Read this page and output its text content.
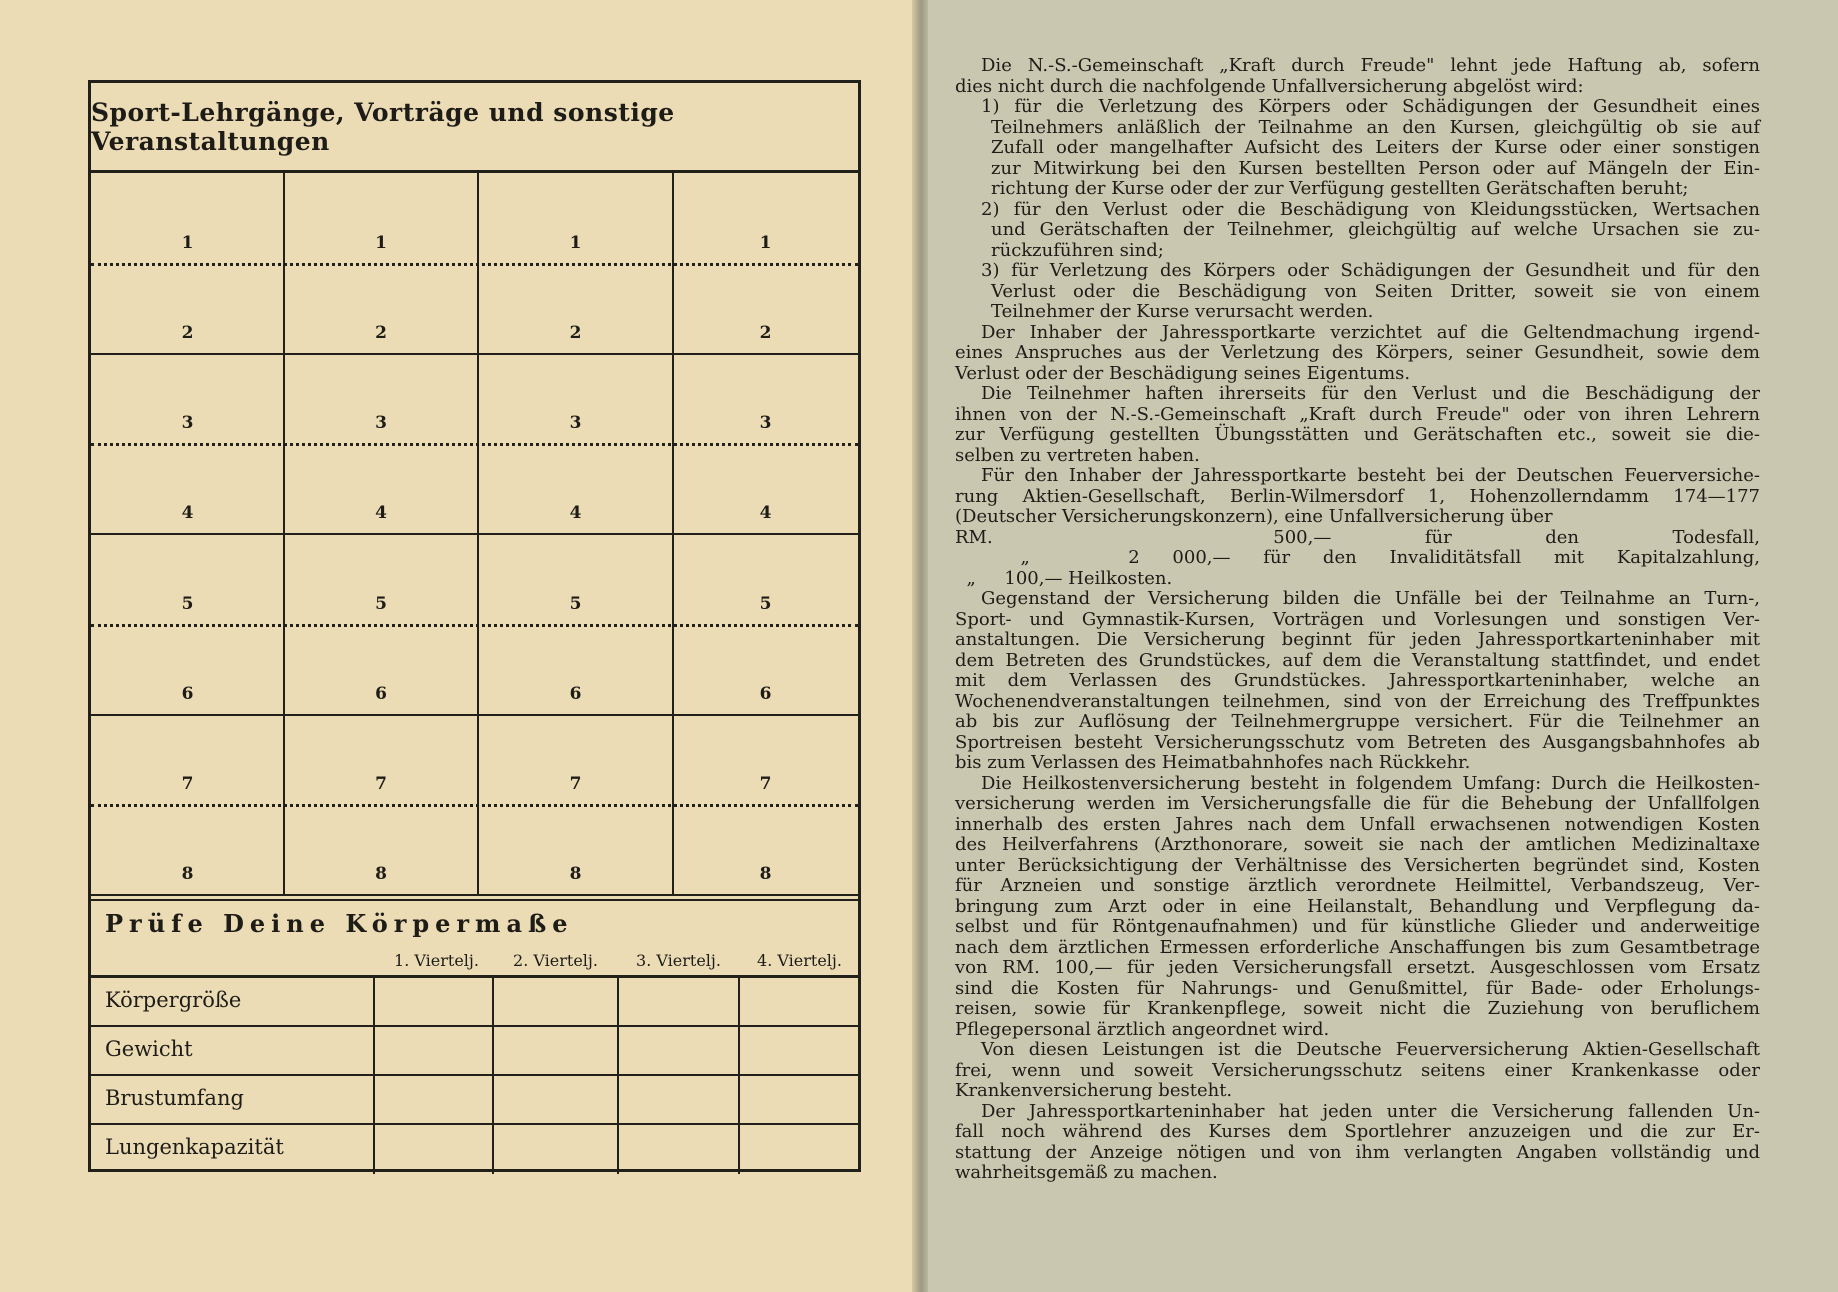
Sport-Lehrgänge, Vorträge und sonstige Veranstaltungen
1	1	1	1
2	2	2	2
3	3	3	3
4	4	4	4
5	5	5	5
6	6	6	6
7	7	7	7
8	8	8	8
Prüfe Deine Körpermaße
1. Viertelj.	2. Viertelj.	3. Viertelj.	4. Viertelj.
Körpergröße
Gewicht
Brustumfang
Lungenkapazität
Die N.-S.-Gemeinschaft „Kraft durch Freude" lehnt jede Haftung ab, sofern
dies nicht durch die nachfolgende Unfallversicherung abgelöst wird:
1) für die Verletzung des Körpers oder Schädigungen der Gesundheit eines
Teilnehmers anläßlich der Teilnahme an den Kursen, gleichgültig ob sie auf
Zufall oder mangelhafter Aufsicht des Leiters der Kurse oder einer sonstigen
zur Mitwirkung bei den Kursen bestellten Person oder auf Mängeln der Ein-
richtung der Kurse oder der zur Verfügung gestellten Gerätschaften beruht;
2) für den Verlust oder die Beschädigung von Kleidungsstücken, Wertsachen
und Gerätschaften der Teilnehmer, gleichgültig auf welche Ursachen sie zu-
rückzuführen sind;
3) für Verletzung des Körpers oder Schädigungen der Gesundheit und für den
Verlust oder die Beschädigung von Seiten Dritter, soweit sie von einem
Teilnehmer der Kurse verursacht werden.
Der Inhaber der Jahressportkarte verzichtet auf die Geltendmachung irgend-
eines Anspruches aus der Verletzung des Körpers, seiner Gesundheit, sowie dem
Verlust oder der Beschädigung seines Eigentums.
Die Teilnehmer haften ihrerseits für den Verlust und die Beschädigung der
ihnen von der N.-S.-Gemeinschaft „Kraft durch Freude" oder von ihren Lehrern
zur Verfügung gestellten Übungsstätten und Gerätschaften etc., soweit sie die-
selben zu vertreten haben.
Für den Inhaber der Jahressportkarte besteht bei der Deutschen Feuerversiche-
rung Aktien-Gesellschaft, Berlin-Wilmersdorf 1, Hohenzollerndamm 174—177
(Deutscher Versicherungskonzern), eine Unfallversicherung über
RM.   500,— für den Todesfall,
„   2 000,— für den Invaliditätsfall mit Kapitalzahlung,
„     100,— Heilkosten.
Gegenstand der Versicherung bilden die Unfälle bei der Teilnahme an Turn-,
Sport- und Gymnastik-Kursen, Vorträgen und Vorlesungen und sonstigen Ver-
anstaltungen. Die Versicherung beginnt für jeden Jahressportkarteninhaber mit
dem Betreten des Grundstückes, auf dem die Veranstaltung stattfindet, und endet
mit dem Verlassen des Grundstückes. Jahressportkarteninhaber, welche an
Wochenendveranstaltungen teilnehmen, sind von der Erreichung des Treffpunktes
ab bis zur Auflösung der Teilnehmergruppe versichert. Für die Teilnehmer an
Sportreisen besteht Versicherungsschutz vom Betreten des Ausgangsbahnhofes ab
bis zum Verlassen des Heimatbahnhofes nach Rückkehr.
Die Heilkostenversicherung besteht in folgendem Umfang: Durch die Heilkosten-
versicherung werden im Versicherungsfalle die für die Behebung der Unfallfolgen
innerhalb des ersten Jahres nach dem Unfall erwachsenen notwendigen Kosten
des Heilverfahrens (Arzthonorare, soweit sie nach der amtlichen Medizinaltaxe
unter Berücksichtigung der Verhältnisse des Versicherten begründet sind, Kosten
für Arzneien und sonstige ärztlich verordnete Heilmittel, Verbandszeug, Ver-
bringung zum Arzt oder in eine Heilanstalt, Behandlung und Verpflegung da-
selbst und für Röntgenaufnahmen) und für künstliche Glieder und anderweitige
nach dem ärztlichen Ermessen erforderliche Anschaffungen bis zum Gesamtbetrage
von RM. 100,— für jeden Versicherungsfall ersetzt. Ausgeschlossen vom Ersatz
sind die Kosten für Nahrungs- und Genußmittel, für Bade- oder Erholungs-
reisen, sowie für Krankenpflege, soweit nicht die Zuziehung von beruflichem
Pflegepersonal ärztlich angeordnet wird.
Von diesen Leistungen ist die Deutsche Feuerversicherung Aktien-Gesellschaft
frei, wenn und soweit Versicherungsschutz seitens einer Krankenkasse oder
Krankenversicherung besteht.
Der Jahressportkarteninhaber hat jeden unter die Versicherung fallenden Un-
fall noch während des Kurses dem Sportlehrer anzuzeigen und die zur Er-
stattung der Anzeige nötigen und von ihm verlangten Angaben vollständig und
wahrheitsgemäß zu machen.
